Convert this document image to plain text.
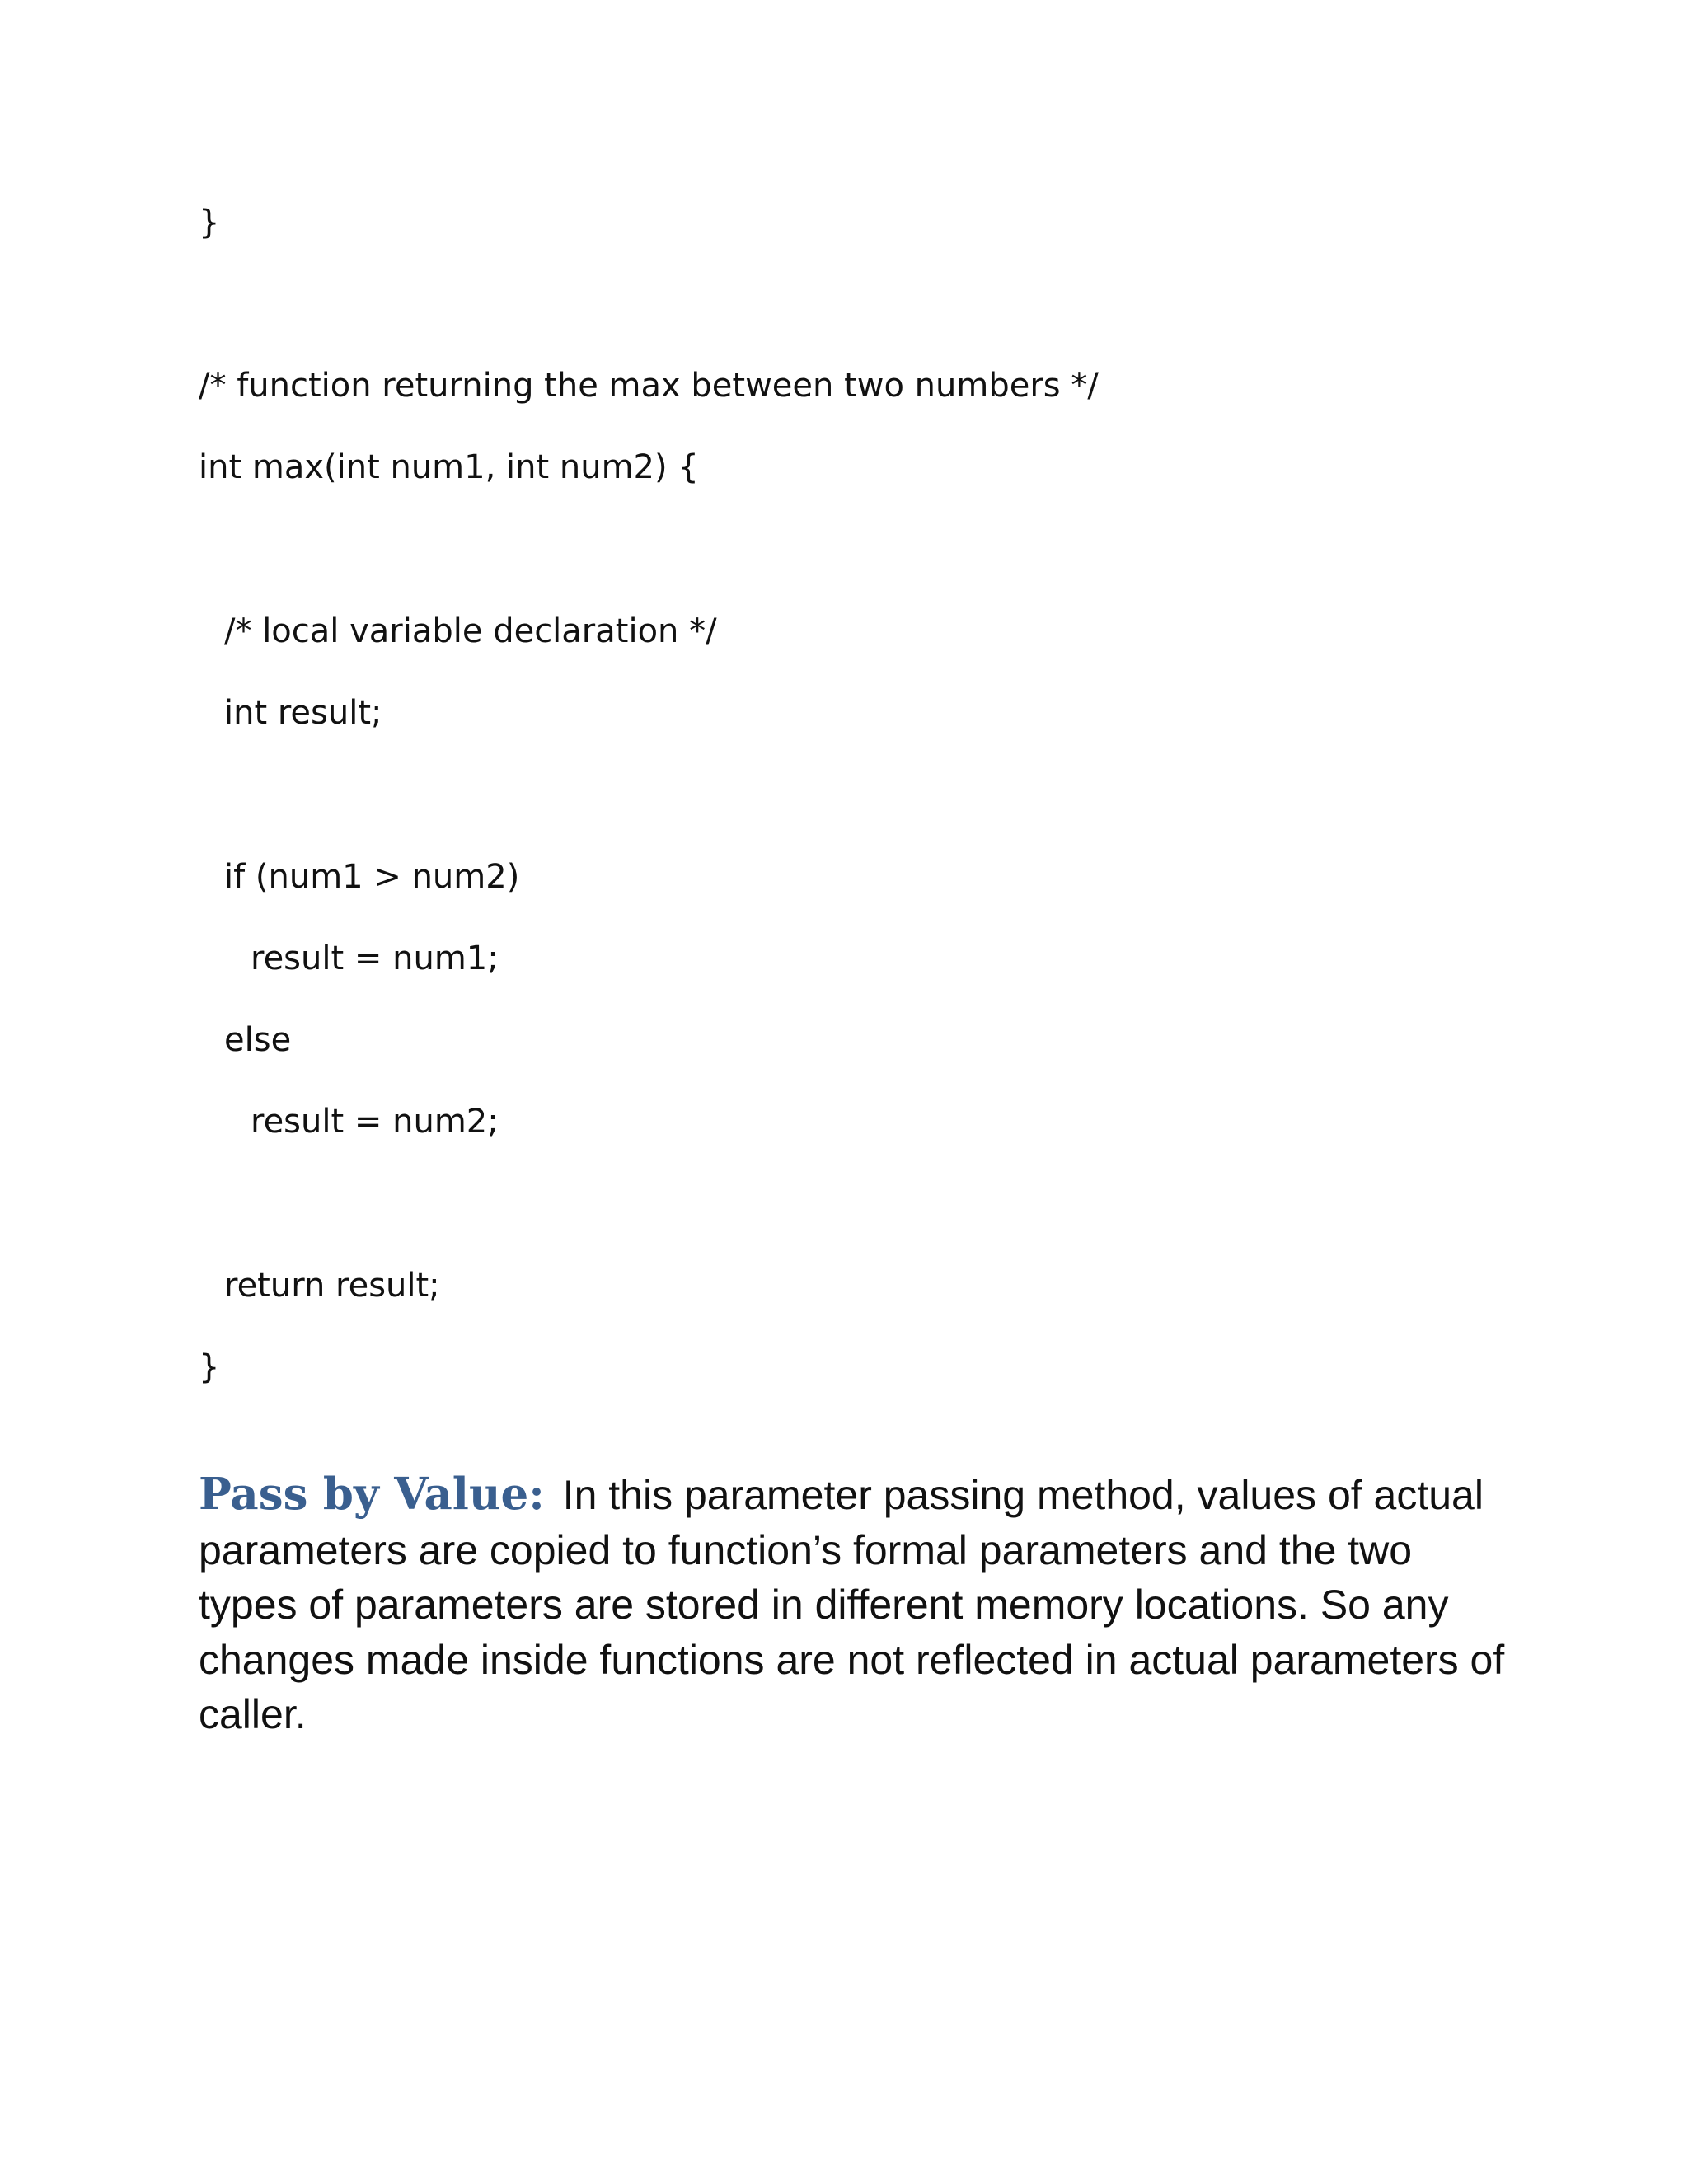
}

/* function returning the max between two numbers */

int max(int num1, int num2) {

/* local variable declaration */

int result;

if (num1 > num2)

result = num1;

else

result = num2;

return result;

}

Pass by Value: In this parameter passing method, values of actual parameters are copied to function’s formal parameters and the two types of parameters are stored in different memory locations. So any changes made inside functions are not reflected in actual parameters of caller.
